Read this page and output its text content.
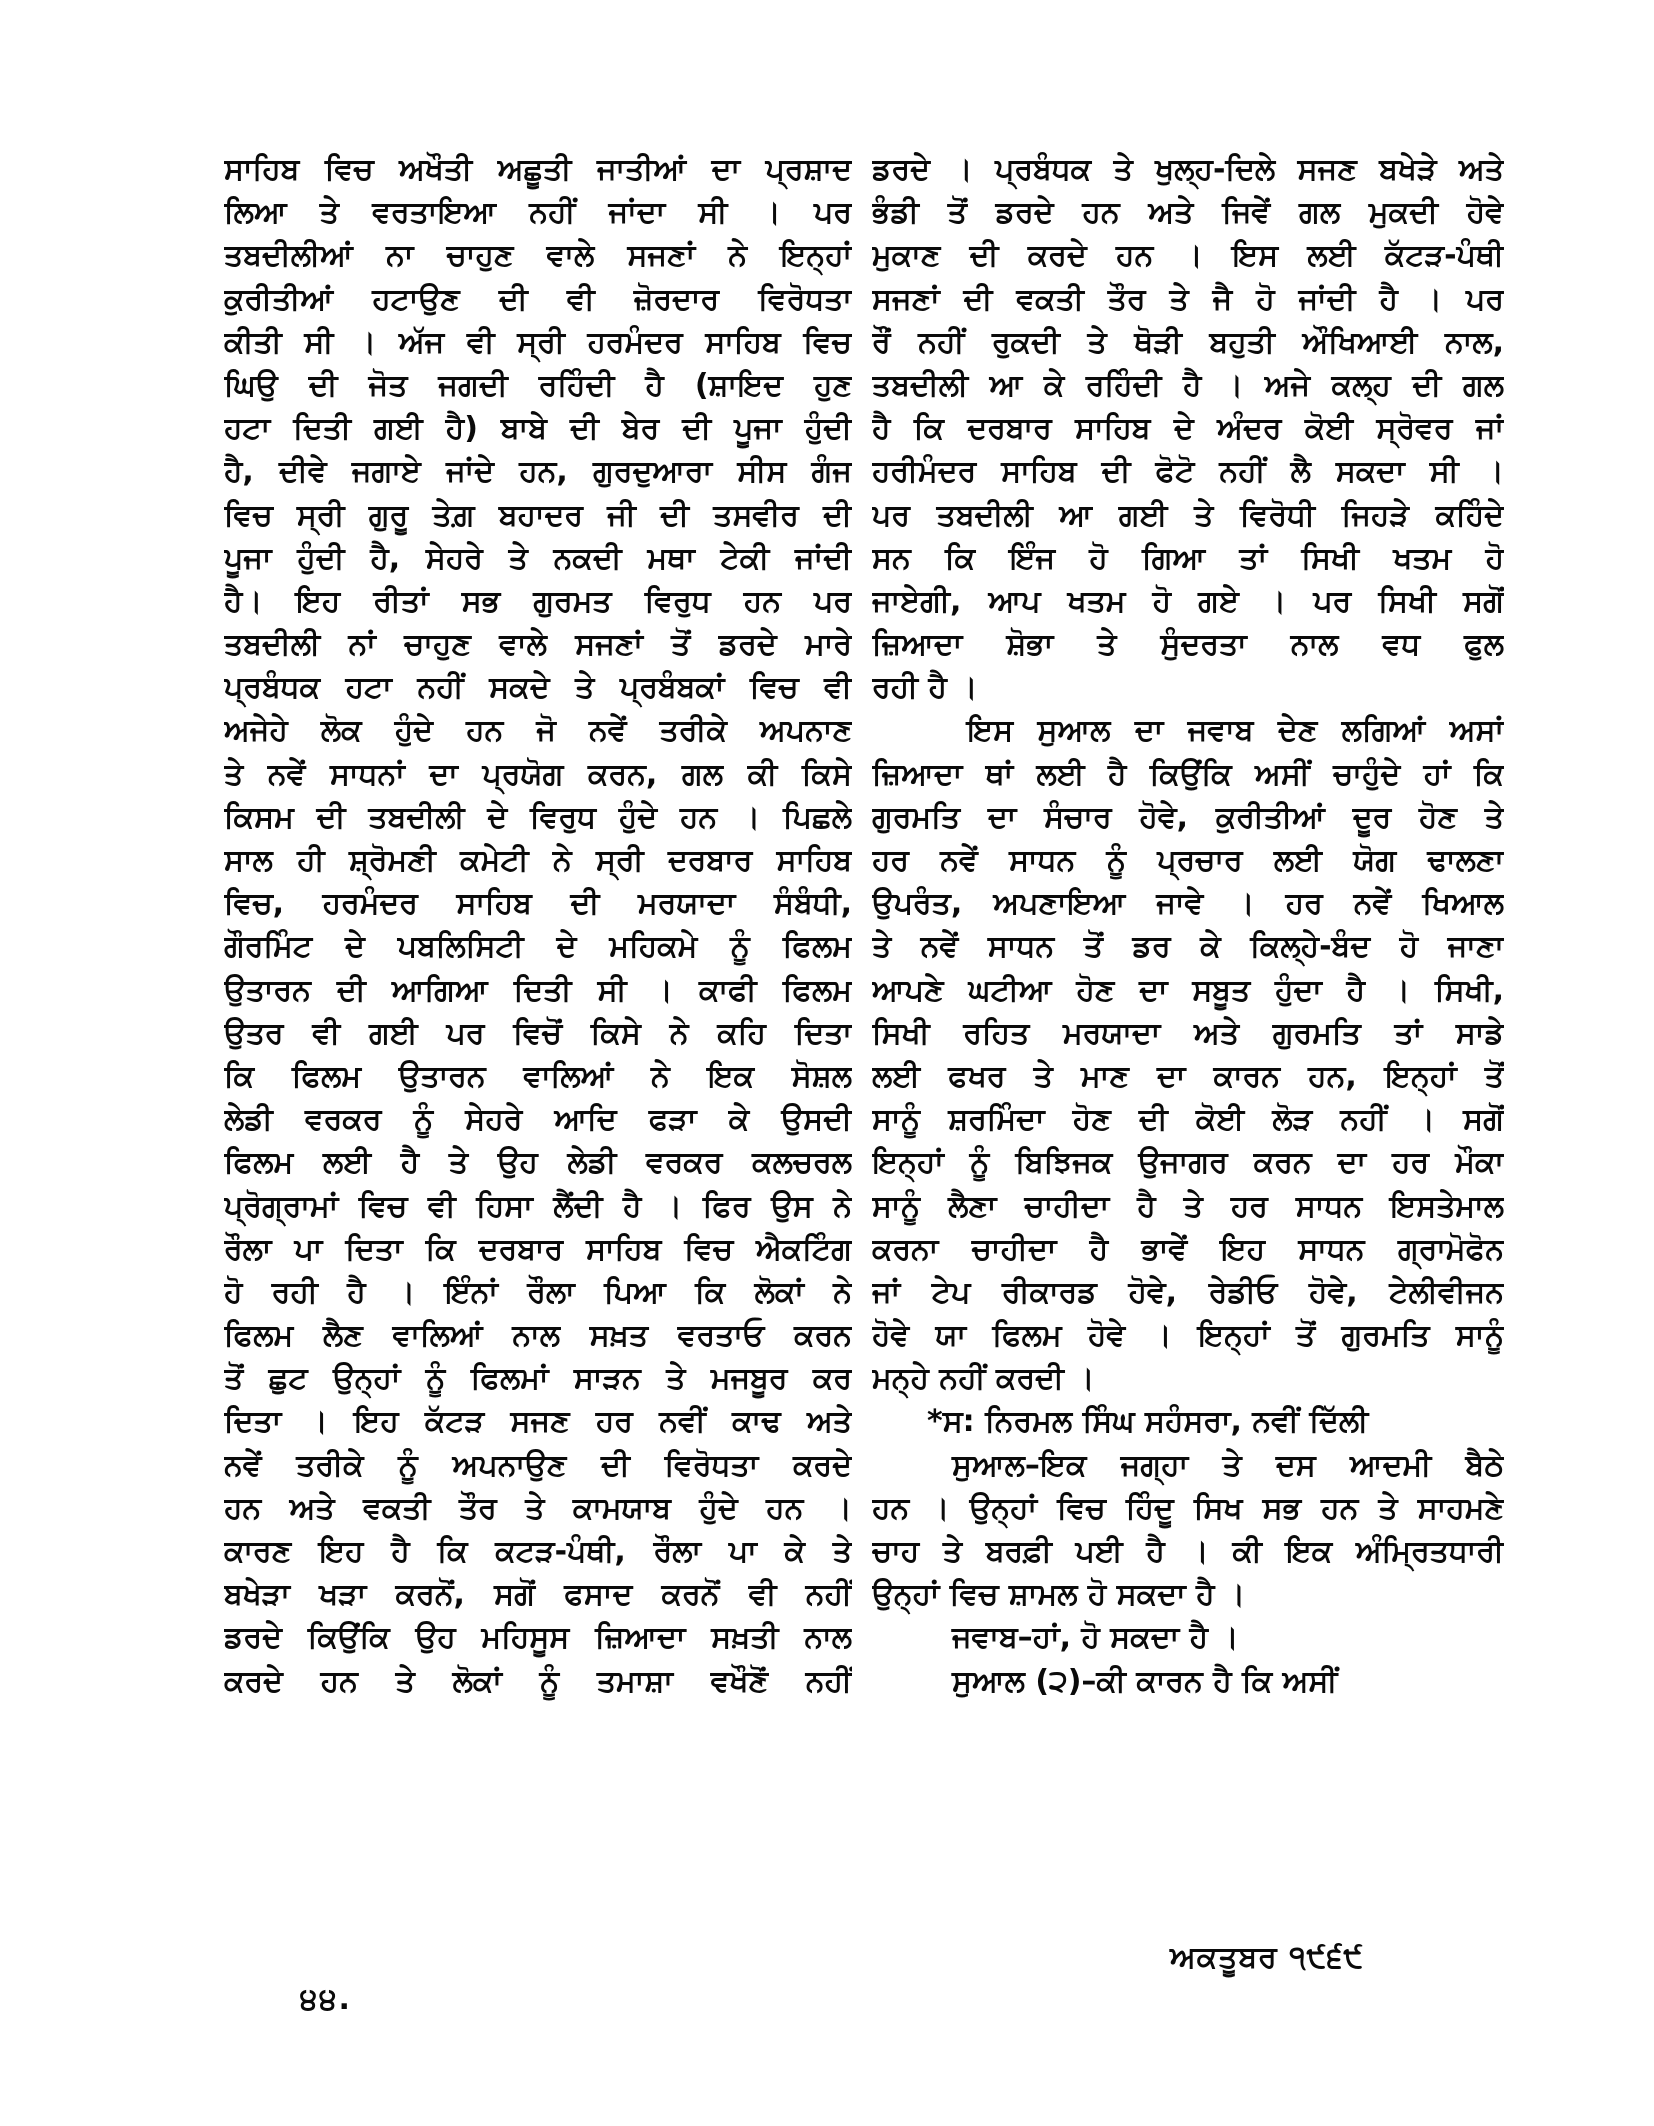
ਸਾਹਿਬ ਵਿਚ ਅਖੌਤੀ ਅਛੂਤੀ ਜਾਤੀਆਂ ਦਾ ਪ੍ਰਸ਼ਾਦ
ਲਿਆ ਤੇ ਵਰਤਾਇਆ ਨਹੀਂ ਜਾਂਦਾ ਸੀ । ਪਰ
ਤਬਦੀਲੀਆਂ ਨਾ ਚਾਹੁਣ ਵਾਲੇ ਸਜਣਾਂ ਨੇ ਇਨ੍ਹਾਂ
ਕੁਰੀਤੀਆਂ ਹਟਾਉਣ ਦੀ ਵੀ ਜ਼ੋਰਦਾਰ ਵਿਰੋਧਤਾ
ਕੀਤੀ ਸੀ । ਅੱਜ ਵੀ ਸ੍ਰੀ ਹਰਮੰਦਰ ਸਾਹਿਬ ਵਿਚ
ਘਿਉ ਦੀ ਜੋਤ ਜਗਦੀ ਰਹਿੰਦੀ ਹੈ (ਸ਼ਾਇਦ ਹੁਣ
ਹਟਾ ਦਿਤੀ ਗਈ ਹੈ) ਬਾਬੇ ਦੀ ਬੇਰ ਦੀ ਪੂਜਾ ਹੁੰਦੀ
ਹੈ, ਦੀਵੇ ਜਗਾਏ ਜਾਂਦੇ ਹਨ, ਗੁਰਦੁਆਰਾ ਸੀਸ ਗੰਜ
ਵਿਚ ਸ੍ਰੀ ਗੁਰੂ ਤੇਗ਼ ਬਹਾਦਰ ਜੀ ਦੀ ਤਸਵੀਰ ਦੀ
ਪੂਜਾ ਹੁੰਦੀ ਹੈ, ਸੇਹਰੇ ਤੇ ਨਕਦੀ ਮਥਾ ਟੇਕੀ ਜਾਂਦੀ
ਹੈ। ਇਹ ਰੀਤਾਂ ਸਭ ਗੁਰਮਤ ਵਿਰੁਧ ਹਨ ਪਰ
ਤਬਦੀਲੀ ਨਾਂ ਚਾਹੁਣ ਵਾਲੇ ਸਜਣਾਂ ਤੋਂ ਡਰਦੇ ਮਾਰੇ
ਪ੍ਰਬੰਧਕ ਹਟਾ ਨਹੀਂ ਸਕਦੇ ਤੇ ਪ੍ਰਬੰਬਕਾਂ ਵਿਚ ਵੀ
ਅਜੇਹੇ ਲੋਕ ਹੁੰਦੇ ਹਨ ਜੋ ਨਵੇਂ ਤਰੀਕੇ ਅਪਨਾਣ
ਤੇ ਨਵੇਂ ਸਾਧਨਾਂ ਦਾ ਪ੍ਰਯੋਗ ਕਰਨ, ਗਲ ਕੀ ਕਿਸੇ
ਕਿਸਮ ਦੀ ਤਬਦੀਲੀ ਦੇ ਵਿਰੁਧ ਹੁੰਦੇ ਹਨ । ਪਿਛਲੇ
ਸਾਲ ਹੀ ਸ਼੍ਰੋਮਣੀ ਕਮੇਟੀ ਨੇ ਸ੍ਰੀ ਦਰਬਾਰ ਸਾਹਿਬ
ਵਿਚ, ਹਰਮੰਦਰ ਸਾਹਿਬ ਦੀ ਮਰਯਾਦਾ ਸੰਬੰਧੀ,
ਗੌਰਮਿੰਟ ਦੇ ਪਬਲਿਸਿਟੀ ਦੇ ਮਹਿਕਮੇ ਨੂੰ ਫਿਲਮ
ਉਤਾਰਨ ਦੀ ਆਗਿਆ ਦਿਤੀ ਸੀ । ਕਾਫੀ ਫਿਲਮ
ਉਤਰ ਵੀ ਗਈ ਪਰ ਵਿਚੋਂ ਕਿਸੇ ਨੇ ਕਹਿ ਦਿਤਾ
ਕਿ ਫਿਲਮ ਉਤਾਰਨ ਵਾਲਿਆਂ ਨੇ ਇਕ ਸੋਸ਼ਲ
ਲੇਡੀ ਵਰਕਰ ਨੂੰ ਸੇਹਰੇ ਆਦਿ ਫੜਾ ਕੇ ਉਸਦੀ
ਫਿਲਮ ਲਈ ਹੈ ਤੇ ਉਹ ਲੇਡੀ ਵਰਕਰ ਕਲਚਰਲ
ਪ੍ਰੋਗ੍ਰਾਮਾਂ ਵਿਚ ਵੀ ਹਿਸਾ ਲੈਂਦੀ ਹੈ । ਫਿਰ ਉਸ ਨੇ
ਰੌਲਾ ਪਾ ਦਿਤਾ ਕਿ ਦਰਬਾਰ ਸਾਹਿਬ ਵਿਚ ਐਕਟਿੰਗ
ਹੋ ਰਹੀ ਹੈ । ਇੰਨਾਂ ਰੌਲਾ ਪਿਆ ਕਿ ਲੋਕਾਂ ਨੇ
ਫਿਲਮ ਲੈਣ ਵਾਲਿਆਂ ਨਾਲ ਸਖ਼ਤ ਵਰਤਾਓ ਕਰਨ
ਤੋਂ ਛੁਟ ਉਨ੍ਹਾਂ ਨੂੰ ਫਿਲਮਾਂ ਸਾੜਨ ਤੇ ਮਜਬੂਰ ਕਰ
ਦਿਤਾ । ਇਹ ਕੱਟੜ ਸਜਣ ਹਰ ਨਵੀਂ ਕਾਢ ਅਤੇ
ਨਵੇਂ ਤਰੀਕੇ ਨੂੰ ਅਪਨਾਉਣ ਦੀ ਵਿਰੋਧਤਾ ਕਰਦੇ
ਹਨ ਅਤੇ ਵਕਤੀ ਤੌਰ ਤੇ ਕਾਮਯਾਬ ਹੁੰਦੇ ਹਨ ।
ਕਾਰਣ ਇਹ ਹੈ ਕਿ ਕਟੜ-ਪੰਥੀ, ਰੌਲਾ ਪਾ ਕੇ ਤੇ
ਬਖੇੜਾ ਖੜਾ ਕਰਨੋਂ, ਸਗੋਂ ਫਸਾਦ ਕਰਨੋਂ ਵੀ ਨਹੀਂ
ਡਰਦੇ ਕਿਉਂਕਿ ਉਹ ਮਹਿਸੂਸ ਜ਼ਿਆਦਾ ਸਖ਼ਤੀ ਨਾਲ
ਕਰਦੇ ਹਨ ਤੇ ਲੋਕਾਂ ਨੂੰ ਤਮਾਸ਼ਾ ਵਖੌਣੋਂ ਨਹੀਂ
ਡਰਦੇ । ਪ੍ਰਬੰਧਕ ਤੇ ਖੁਲ੍ਹ-ਦਿਲੇ ਸਜਣ ਬਖੇੜੇ ਅਤੇ
ਭੰਡੀ ਤੋਂ ਡਰਦੇ ਹਨ ਅਤੇ ਜਿਵੇਂ ਗਲ ਮੁਕਦੀ ਹੋਵੇ
ਮੁਕਾਣ ਦੀ ਕਰਦੇ ਹਨ । ਇਸ ਲਈ ਕੱਟੜ-ਪੰਥੀ
ਸਜਣਾਂ ਦੀ ਵਕਤੀ ਤੌਰ ਤੇ ਜੈ ਹੋ ਜਾਂਦੀ ਹੈ । ਪਰ
ਰੌਂ ਨਹੀਂ ਰੁਕਦੀ ਤੇ ਥੋੜੀ ਬਹੁਤੀ ਔਖਿਆਈ ਨਾਲ,
ਤਬਦੀਲੀ ਆ ਕੇ ਰਹਿੰਦੀ ਹੈ । ਅਜੇ ਕਲ੍ਹ ਦੀ ਗਲ
ਹੈ ਕਿ ਦਰਬਾਰ ਸਾਹਿਬ ਦੇ ਅੰਦਰ ਕੋਈ ਸ੍ਰੋਵਰ ਜਾਂ
ਹਰੀਮੰਦਰ ਸਾਹਿਬ ਦੀ ਫੋਟੋ ਨਹੀਂ ਲੈ ਸਕਦਾ ਸੀ ।
ਪਰ ਤਬਦੀਲੀ ਆ ਗਈ ਤੇ ਵਿਰੋਧੀ ਜਿਹੜੇ ਕਹਿੰਦੇ
ਸਨ ਕਿ ਇੰਜ ਹੋ ਗਿਆ ਤਾਂ ਸਿਖੀ ਖਤਮ ਹੋ
ਜਾਏਗੀ, ਆਪ ਖਤਮ ਹੋ ਗਏ । ਪਰ ਸਿਖੀ ਸਗੋਂ
ਜ਼ਿਆਦਾ ਸ਼ੋਭਾ ਤੇ ਸੁੰਦਰਤਾ ਨਾਲ ਵਧ ਫੁਲ
ਰਹੀ ਹੈ ।
ਇਸ ਸੁਆਲ ਦਾ ਜਵਾਬ ਦੇਣ ਲਗਿਆਂ ਅਸਾਂ
ਜ਼ਿਆਦਾ ਥਾਂ ਲਈ ਹੈ ਕਿਉਂਕਿ ਅਸੀਂ ਚਾਹੁੰਦੇ ਹਾਂ ਕਿ
ਗੁਰਮਤਿ ਦਾ ਸੰਚਾਰ ਹੋਵੇ, ਕੁਰੀਤੀਆਂ ਦੂਰ ਹੋਣ ਤੇ
ਹਰ ਨਵੇਂ ਸਾਧਨ ਨੂੰ ਪ੍ਰਚਾਰ ਲਈ ਯੋਗ ਢਾਲਣਾ
ਉਪਰੰਤ, ਅਪਣਾਇਆ ਜਾਵੇ । ਹਰ ਨਵੇਂ ਖਿਆਲ
ਤੇ ਨਵੇਂ ਸਾਧਨ ਤੋਂ ਡਰ ਕੇ ਕਿਲ੍ਹੇ-ਬੰਦ ਹੋ ਜਾਣਾ
ਆਪਣੇ ਘਟੀਆ ਹੋਣ ਦਾ ਸਬੂਤ ਹੁੰਦਾ ਹੈ । ਸਿਖੀ,
ਸਿਖੀ ਰਹਿਤ ਮਰਯਾਦਾ ਅਤੇ ਗੁਰਮਤਿ ਤਾਂ ਸਾਡੇ
ਲਈ ਫਖਰ ਤੇ ਮਾਣ ਦਾ ਕਾਰਨ ਹਨ, ਇਨ੍ਹਾਂ ਤੋਂ
ਸਾਨੂੰ ਸ਼ਰਮਿੰਦਾ ਹੋਣ ਦੀ ਕੋਈ ਲੋੜ ਨਹੀਂ । ਸਗੋਂ
ਇਨ੍ਹਾਂ ਨੂੰ ਬਿਝਿਜਕ ਉਜਾਗਰ ਕਰਨ ਦਾ ਹਰ ਮੌਕਾ
ਸਾਨੂੰ ਲੈਣਾ ਚਾਹੀਦਾ ਹੈ ਤੇ ਹਰ ਸਾਧਨ ਇਸਤੇਮਾਲ
ਕਰਨਾ ਚਾਹੀਦਾ ਹੈ ਭਾਵੇਂ ਇਹ ਸਾਧਨ ਗ੍ਰਾਮੋਫੋਨ
ਜਾਂ ਟੇਪ ਰੀਕਾਰਡ ਹੋਵੇ, ਰੇਡੀਓ ਹੋਵੇ, ਟੇਲੀਵੀਜਨ
ਹੋਵੇ ਯਾ ਫਿਲਮ ਹੋਵੇ । ਇਨ੍ਹਾਂ ਤੋਂ ਗੁਰਮਤਿ ਸਾਨੂੰ
ਮਨ੍ਹੇ ਨਹੀਂ ਕਰਦੀ ।
*ਸ: ਨਿਰਮਲ ਸਿੰਘ ਸਹੰਸਰਾ, ਨਵੀਂ ਦਿੱਲੀ
ਸੁਆਲ–ਇਕ ਜਗ੍ਹਾ ਤੇ ਦਸ ਆਦਮੀ ਬੈਠੇ
ਹਨ । ਉਨ੍ਹਾਂ ਵਿਚ ਹਿੰਦੂ ਸਿਖ ਸਭ ਹਨ ਤੇ ਸਾਹਮਣੇ
ਚਾਹ ਤੇ ਬਰਫ਼ੀ ਪਈ ਹੈ । ਕੀ ਇਕ ਅੰਮ੍ਰਿਤਧਾਰੀ
ਉਨ੍ਹਾਂ ਵਿਚ ਸ਼ਾਮਲ ਹੋ ਸਕਦਾ ਹੈ ।
ਜਵਾਬ–ਹਾਂ, ਹੋ ਸਕਦਾ ਹੈ ।
ਸੁਆਲ (੨)–ਕੀ ਕਾਰਨ ਹੈ ਕਿ ਅਸੀਂ
੪੪.
ਅਕਤੂਬਰ ੧੯੬੯
